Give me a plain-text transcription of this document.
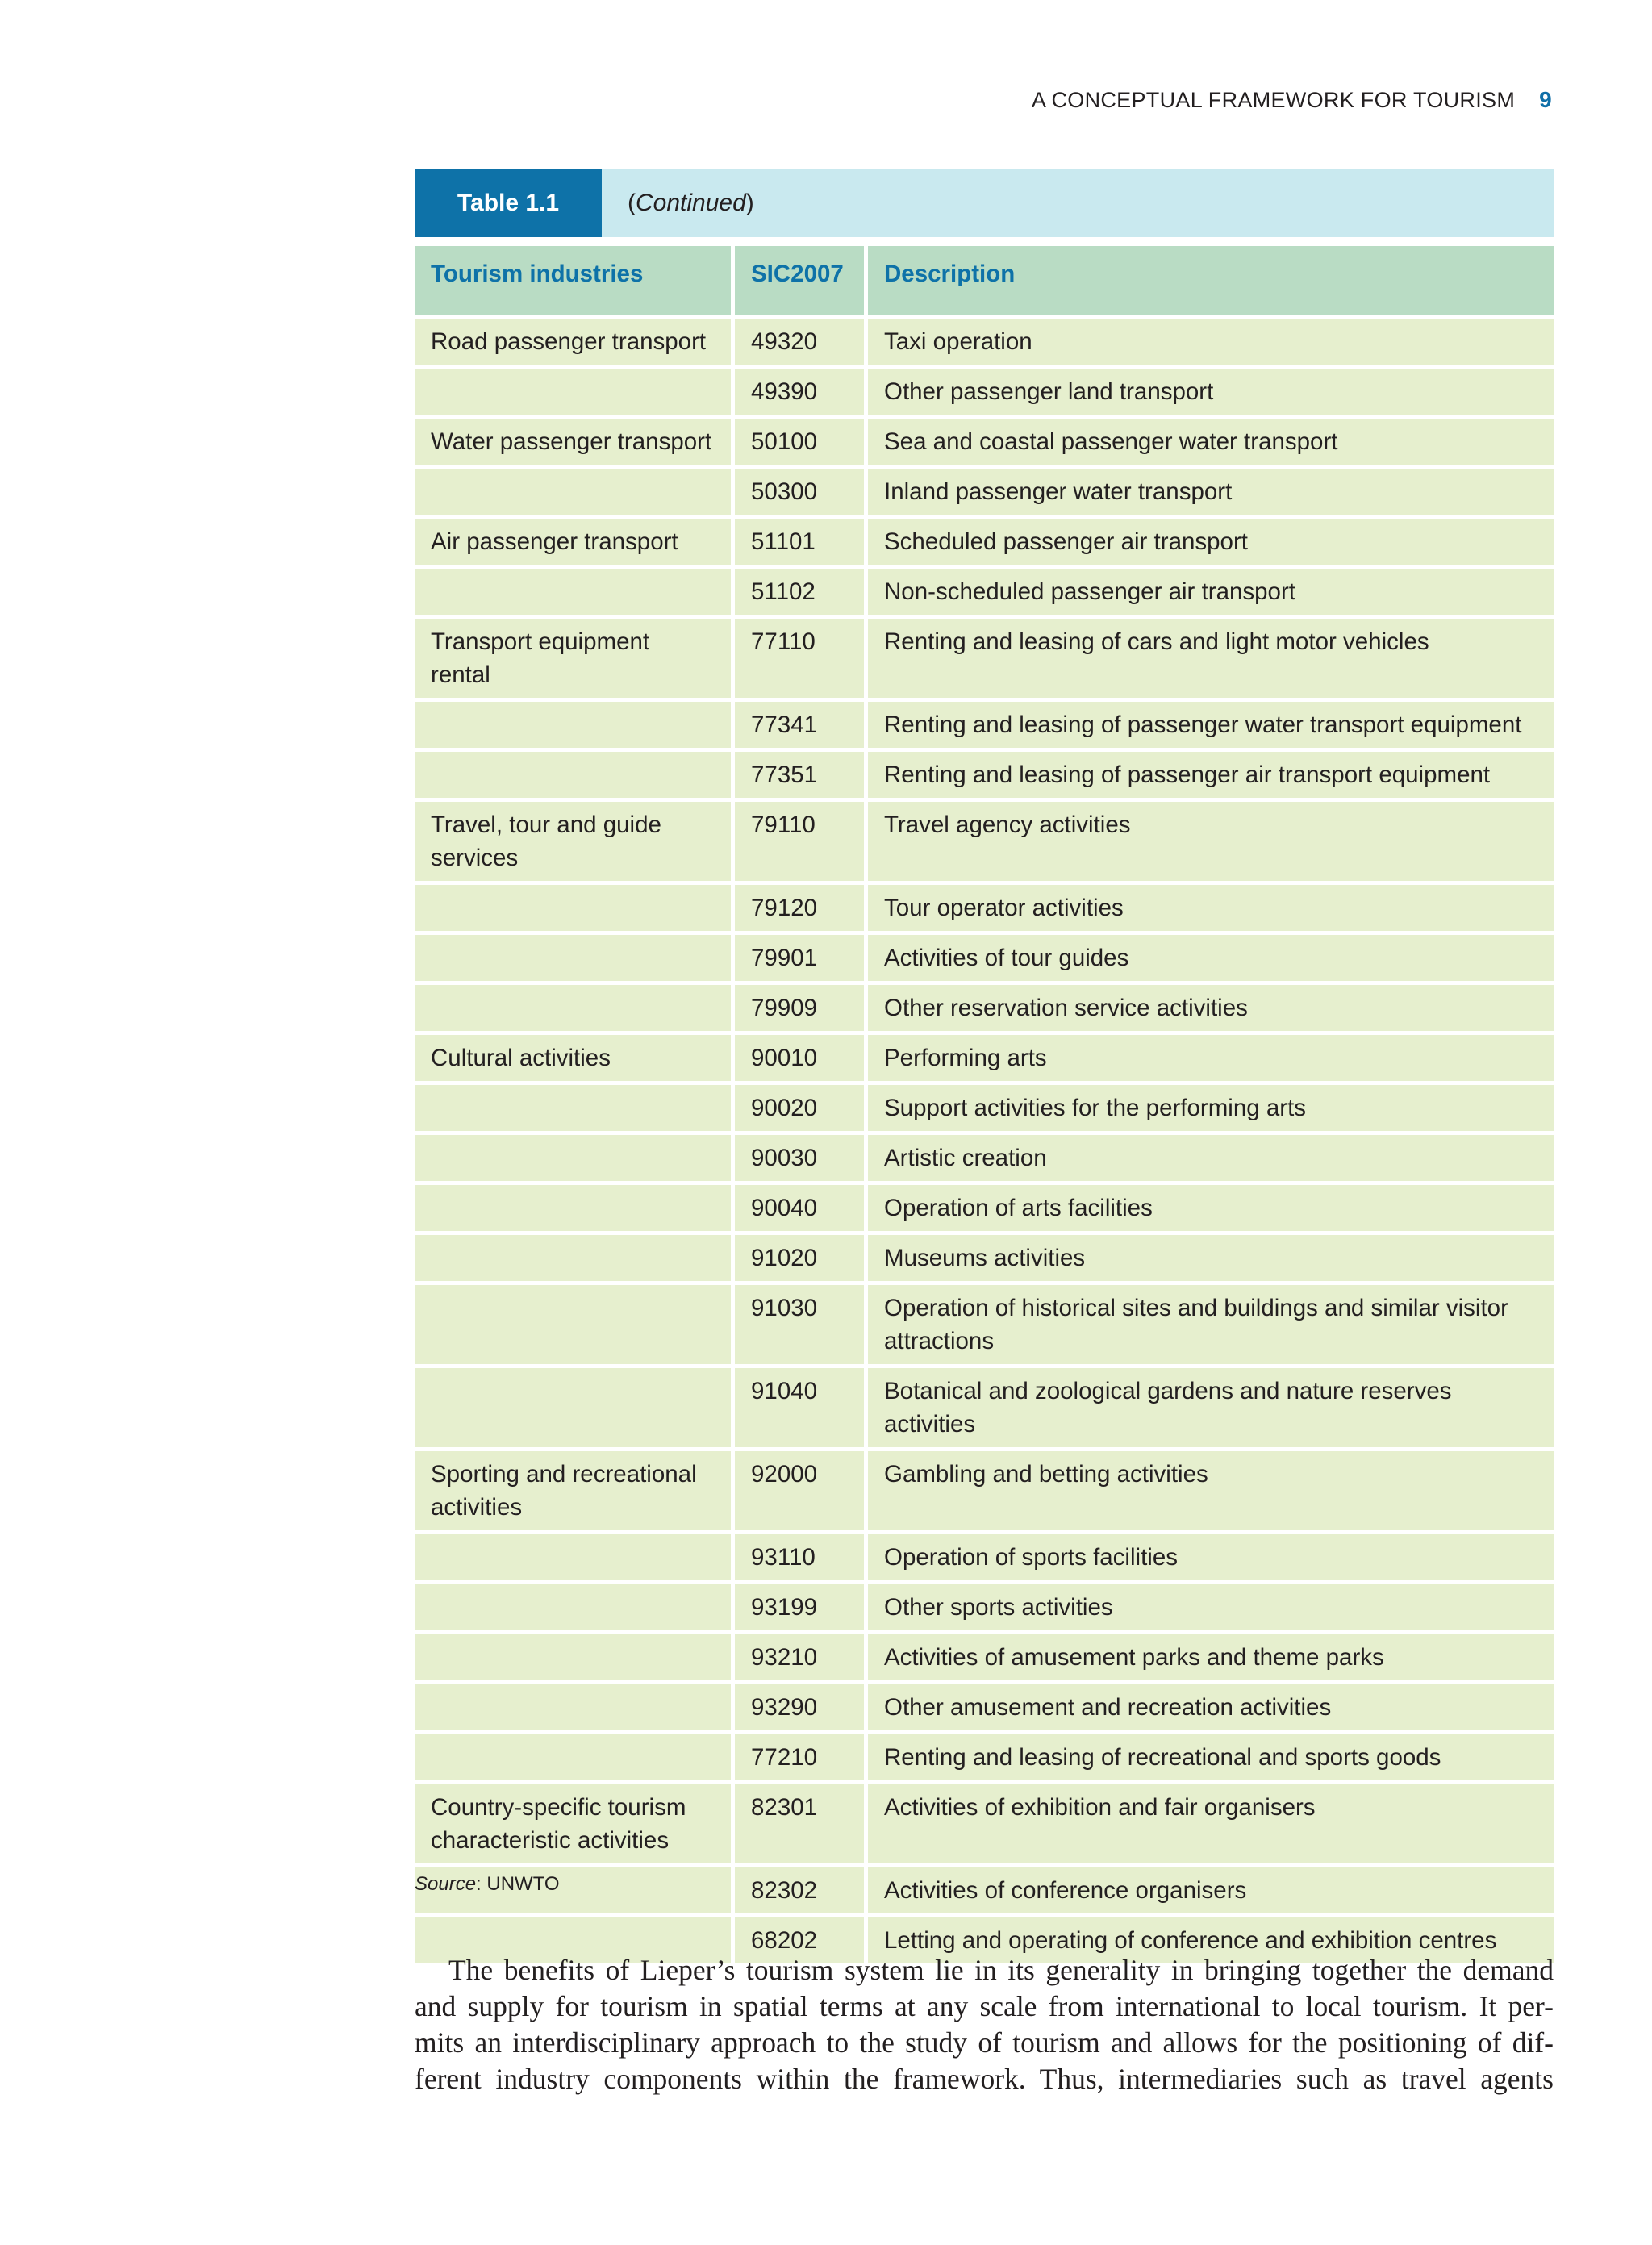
A CONCEPTUAL FRAMEWORK FOR TOURISM 9
Table 1.1	( Continued )
Tourism industries	SIC2007	Description
Road passenger transport	49320	Taxi operation
	49390	Other passenger land transport
Water passenger transport	50100	Sea and coastal passenger water transport
	50300	Inland passenger water transport
Air passenger transport	51101	Scheduled passenger air transport
	51102	Non-scheduled passenger air transport
Transport equipment rental	77110	Renting and leasing of cars and light motor vehicles
	77341	Renting and leasing of passenger water transport equipment
	77351	Renting and leasing of passenger air transport equipment
Travel, tour and guide services	79110	Travel agency activities
	79120	Tour operator activities
	79901	Activities of tour guides
	79909	Other reservation service activities
Cultural activities	90010	Performing arts
	90020	Support activities for the performing arts
	90030	Artistic creation
	90040	Operation of arts facilities
	91020	Museums activities
	91030	Operation of historical sites and buildings and similar visitor attractions
	91040	Botanical and zoological gardens and nature reserves activities
Sporting and recreational activities	92000	Gambling and betting activities
	93110	Operation of sports facilities
	93199	Other sports activities
	93210	Activities of amusement parks and theme parks
	93290	Other amusement and recreation activities
	77210	Renting and leasing of recreational and sports goods
Country-specific tourism characteristic activities	82301	Activities of exhibition and fair organisers
	82302	Activities of conference organisers
	68202	Letting and operating of conference and exhibition centres
Source: UNWTO
The benefits of Lieper’s tourism system lie in its generality in bringing together the demand
and supply for tourism in spatial terms at any scale from international to local tourism. It per-
mits an interdisciplinary approach to the study of tourism and allows for the positioning of dif-
ferent industry components within the framework. Thus, intermediaries such as travel agents
